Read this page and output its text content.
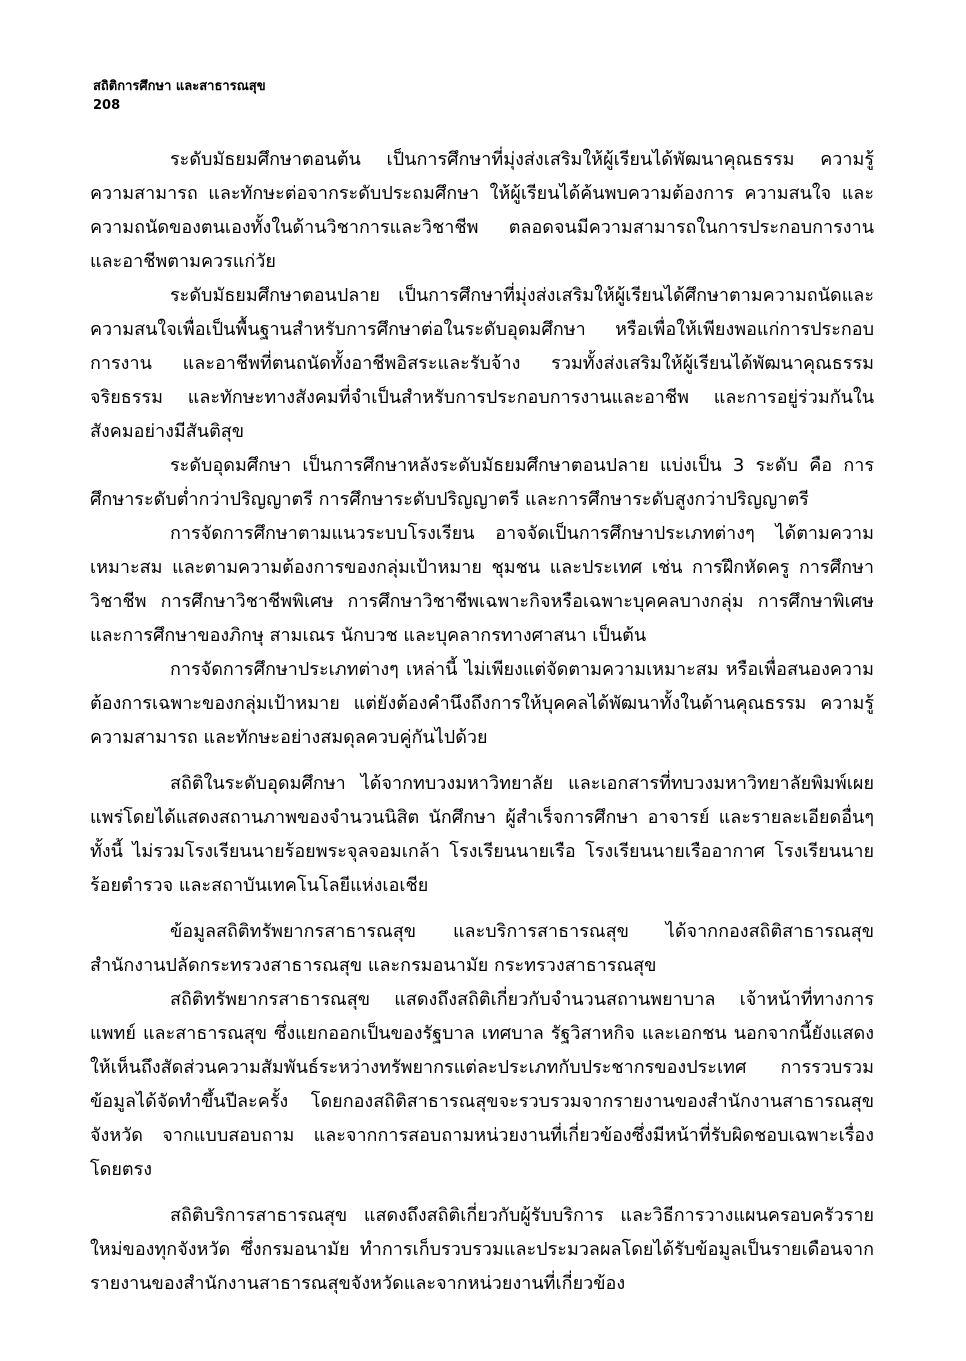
สถิติการศึกษา และสาธารณสุข
208

ระดับมัธยมศึกษาตอนต้น เป็นการศึกษาที่มุ่งส่งเสริมให้ผู้เรียนได้พัฒนาคุณธรรม ความรู้ ความสามารถ และทักษะต่อจากระดับประถมศึกษา ให้ผู้เรียนได้ค้นพบความต้องการ ความสนใจ และความถนัดของตนเองทั้งในด้านวิชาการและวิชาชีพ ตลอดจนมีความสามารถในการประกอบการงาน และอาชีพตามควรแก่วัย

ระดับมัธยมศึกษาตอนปลาย เป็นการศึกษาที่มุ่งส่งเสริมให้ผู้เรียนได้ศึกษาตามความถนัดและความสนใจเพื่อเป็นพื้นฐานสำหรับการศึกษาต่อในระดับอุดมศึกษา หรือเพื่อให้เพียงพอแก่การประกอบการงาน และอาชีพที่ตนถนัดทั้งอาชีพอิสระและรับจ้าง รวมทั้งส่งเสริมให้ผู้เรียนได้พัฒนาคุณธรรม จริยธรรม และทักษะทางสังคมที่จำเป็นสำหรับการประกอบการงานและอาชีพ และการอยู่ร่วมกันในสังคมอย่างมีสันติสุข

ระดับอุดมศึกษา เป็นการศึกษาหลังระดับมัธยมศึกษาตอนปลาย แบ่งเป็น 3 ระดับ คือ การศึกษาระดับต่ำกว่าปริญญาตรี การศึกษาระดับปริญญาตรี และการศึกษาระดับสูงกว่าปริญญาตรี

การจัดการศึกษาตามแนวระบบโรงเรียน อาจจัดเป็นการศึกษาประเภทต่างๆ ได้ตามความเหมาะสม และตามความต้องการของกลุ่มเป้าหมาย ชุมชน และประเทศ เช่น การฝึกหัดครู การศึกษาวิชาชีพ การศึกษาวิชาชีพพิเศษ การศึกษาวิชาชีพเฉพาะกิจหรือเฉพาะบุคคลบางกลุ่ม การศึกษาพิเศษ และการศึกษาของภิกษุ สามเณร นักบวช และบุคลากรทางศาสนา เป็นต้น

การจัดการศึกษาประเภทต่างๆ เหล่านี้ ไม่เพียงแต่จัดตามความเหมาะสม หรือเพื่อสนองความต้องการเฉพาะของกลุ่มเป้าหมาย แต่ยังต้องคำนึงถึงการให้บุคคลได้พัฒนาทั้งในด้านคุณธรรม ความรู้ความสามารถ และทักษะอย่างสมดุลควบคู่กันไปด้วย

สถิติในระดับอุดมศึกษา ได้จากทบวงมหาวิทยาลัย และเอกสารที่ทบวงมหาวิทยาลัยพิมพ์เผยแพร่โดยได้แสดงสถานภาพของจำนวนนิสิต นักศึกษา ผู้สำเร็จการศึกษา อาจารย์ และรายละเอียดอื่นๆ ทั้งนี้ ไม่รวมโรงเรียนนายร้อยพระจุลจอมเกล้า โรงเรียนนายเรือ โรงเรียนนายเรืออากาศ โรงเรียนนายร้อยตำรวจ และสถาบันเทคโนโลยีแห่งเอเชีย

ข้อมูลสถิติทรัพยากรสาธารณสุข และบริการสาธารณสุข ได้จากกองสถิติสาธารณสุข สำนักงานปลัดกระทรวงสาธารณสุข และกรมอนามัย กระทรวงสาธารณสุข

สถิติทรัพยากรสาธารณสุข แสดงถึงสถิติเกี่ยวกับจำนวนสถานพยาบาล เจ้าหน้าที่ทางการแพทย์ และสาธารณสุข ซึ่งแยกออกเป็นของรัฐบาล เทศบาล รัฐวิสาหกิจ และเอกชน นอกจากนี้ยังแสดงให้เห็นถึงสัดส่วนความสัมพันธ์ระหว่างทรัพยากรแต่ละประเภทกับประชากรของประเทศ การรวบรวมข้อมูลได้จัดทำขึ้นปีละครั้ง โดยกองสถิติสาธารณสุขจะรวบรวมจากรายงานของสำนักงานสาธารณสุขจังหวัด จากแบบสอบถาม และจากการสอบถามหน่วยงานที่เกี่ยวข้องซึ่งมีหน้าที่รับผิดชอบเฉพาะเรื่องโดยตรง

สถิติบริการสาธารณสุข แสดงถึงสถิติเกี่ยวกับผู้รับบริการ และวิธีการวางแผนครอบครัวรายใหม่ของทุกจังหวัด ซึ่งกรมอนามัย ทำการเก็บรวบรวมและประมวลผลโดยได้รับข้อมูลเป็นรายเดือนจากรายงานของสำนักงานสาธารณสุขจังหวัดและจากหน่วยงานที่เกี่ยวข้อง
